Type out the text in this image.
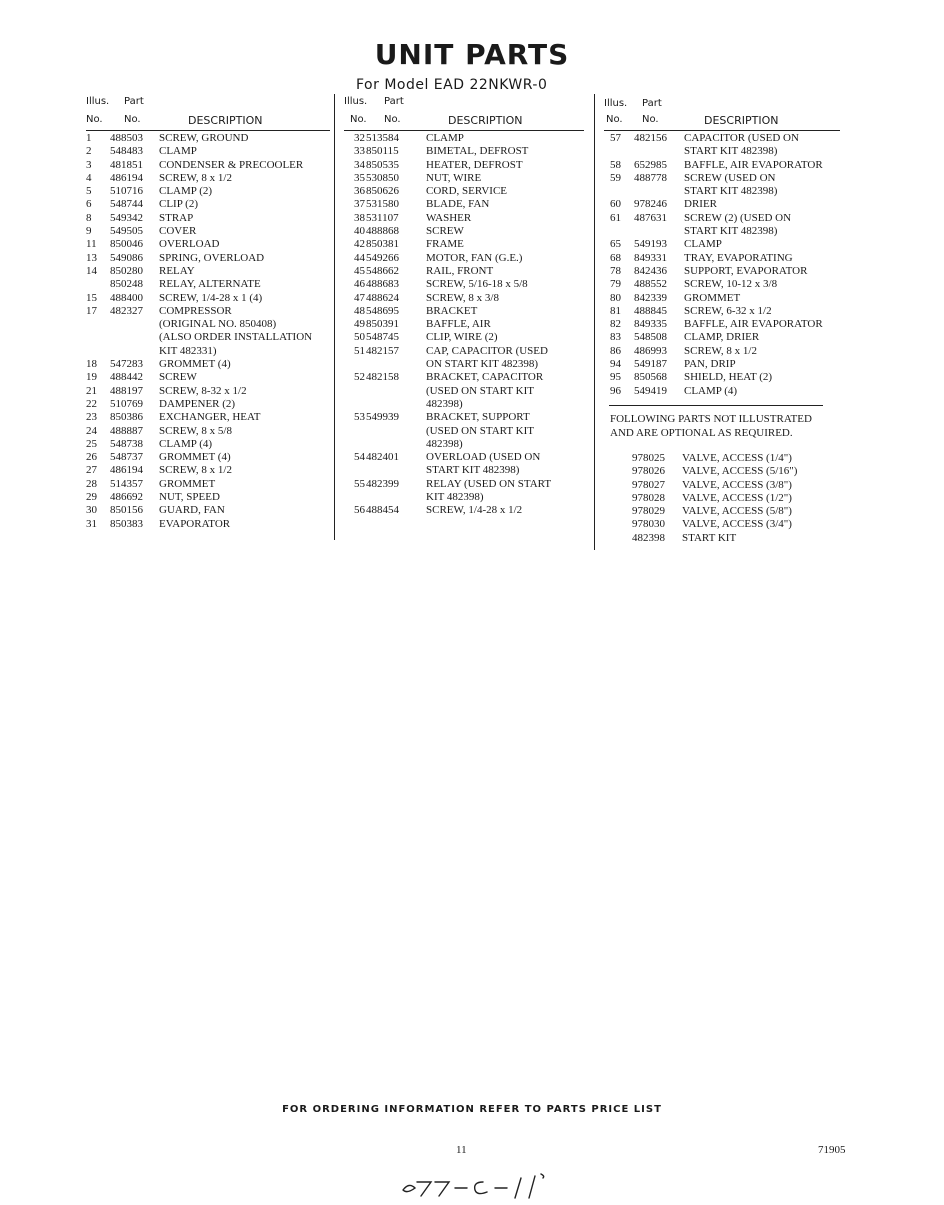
UNIT PARTS
For Model EAD 22NKWR-0
Illus. Part
No. No.	DESCRIPTION
1 488503 SCREW, GROUND
2 548483 CLAMP
3 481851 CONDENSER & PRECOOLER
4 486194 SCREW, 8 x 1/2
5 510716 CLAMP (2)
6 548744 CLIP (2)
8 549342 STRAP
9 549505 COVER
11 850046 OVERLOAD
13 549086 SPRING, OVERLOAD
14 850280 RELAY
850248 RELAY, ALTERNATE
15 488400 SCREW, 1/4-28 x 1 (4)
17 482327 COMPRESSOR
(ORIGINAL NO. 850408)
(ALSO ORDER INSTALLATION
KIT 482331)
18 547283 GROMMET (4)
19 488442 SCREW
21 488197 SCREW, 8-32 x 1/2
22 510769 DAMPENER (2)
23 850386 EXCHANGER, HEAT
24 488887 SCREW, 8 x 5/8
25 548738 CLAMP (4)
26 548737 GROMMET (4)
27 486194 SCREW, 8 x 1/2
28 514357 GROMMET
29 486692 NUT, SPEED
30 850156 GUARD, FAN
31 850383 EVAPORATOR
Illus. Part
No. No.	DESCRIPTION
32 513584 CLAMP
33 850115 BIMETAL, DEFROST
34 850535 HEATER, DEFROST
35 530850 NUT, WIRE
36 850626 CORD, SERVICE
37 531580 BLADE, FAN
38 531107 WASHER
40 488868 SCREW
42 850381 FRAME
44 549266 MOTOR, FAN (G.E.)
45 548662 RAIL, FRONT
46 488683 SCREW, 5/16-18 x 5/8
47 488624 SCREW, 8 x 3/8
48 548695 BRACKET
49 850391 BAFFLE, AIR
50 548745 CLIP, WIRE (2)
51 482157 CAP, CAPACITOR (USED
ON START KIT 482398)
52 482158 BRACKET, CAPACITOR
(USED ON START KIT
482398)
53 549939 BRACKET, SUPPORT
(USED ON START KIT
482398)
54 482401 OVERLOAD (USED ON
START KIT 482398)
55 482399 RELAY (USED ON START
KIT 482398)
56 488454 SCREW, 1/4-28 x 1/2
Illus. Part
No. No.	DESCRIPTION
57 482156 CAPACITOR (USED ON
START KIT 482398)
58 652985 BAFFLE, AIR EVAPORATOR
59 488778 SCREW (USED ON
START KIT 482398)
60 978246 DRIER
61 487631 SCREW (2) (USED ON
START KIT 482398)
65 549193 CLAMP
68 849331 TRAY, EVAPORATING
78 842436 SUPPORT, EVAPORATOR
79 488552 SCREW, 10-12 x 3/8
80 842339 GROMMET
81 488845 SCREW, 6-32 x 1/2
82 849335 BAFFLE, AIR EVAPORATOR
83 548508 CLAMP, DRIER
86 486993 SCREW, 8 x 1/2
94 549187 PAN, DRIP
95 850568 SHIELD, HEAT (2)
96 549419 CLAMP (4)
FOLLOWING PARTS NOT ILLUSTRATED
AND ARE OPTIONAL AS REQUIRED.
978025 VALVE, ACCESS (1/4")
978026 VALVE, ACCESS (5/16")
978027 VALVE, ACCESS (3/8")
978028 VALVE, ACCESS (1/2")
978029 VALVE, ACCESS (5/8")
978030 VALVE, ACCESS (3/4")
482398 START KIT
FOR ORDERING INFORMATION REFER TO PARTS PRICE LIST
11	71905
